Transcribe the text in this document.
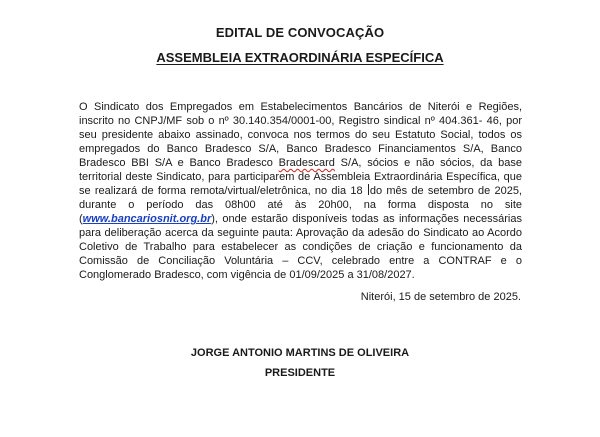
EDITAL DE CONVOCAÇÃO
ASSEMBLEIA EXTRAORDINÁRIA ESPECÍFICA
O Sindicato dos Empregados em Estabelecimentos Bancários de Niterói e Regiões, inscrito no CNPJ/MF sob o nº 30.140.354/0001-00, Registro sindical nº 404.361- 46, por seu presidente abaixo assinado, convoca nos termos do seu Estatuto Social, todos os empregados do Banco Bradesco S/A, Banco Bradesco Financiamentos S/A, Banco Bradesco BBI S/A e Banco Bradesco Bradescard S/A, sócios e não sócios, da base territorial deste Sindicato, para participarem de Assembleia Extraordinária Específica, que se realizará de forma remota/virtual/eletrônica, no dia 18 do mês de setembro de 2025, durante o período das 08h00 até às 20h00, na forma disposta no site (www.bancariosnit.org.br), onde estarão disponíveis todas as informações necessárias para deliberação acerca da seguinte pauta: Aprovação da adesão do Sindicato ao Acordo Coletivo de Trabalho para estabelecer as condições de criação e funcionamento da Comissão de Conciliação Voluntária – CCV, celebrado entre a CONTRAF e o Conglomerado Bradesco, com vigência de 01/09/2025 a 31/08/2027.
Niterói, 15 de setembro de 2025.
JORGE ANTONIO MARTINS DE OLIVEIRA
PRESIDENTE
